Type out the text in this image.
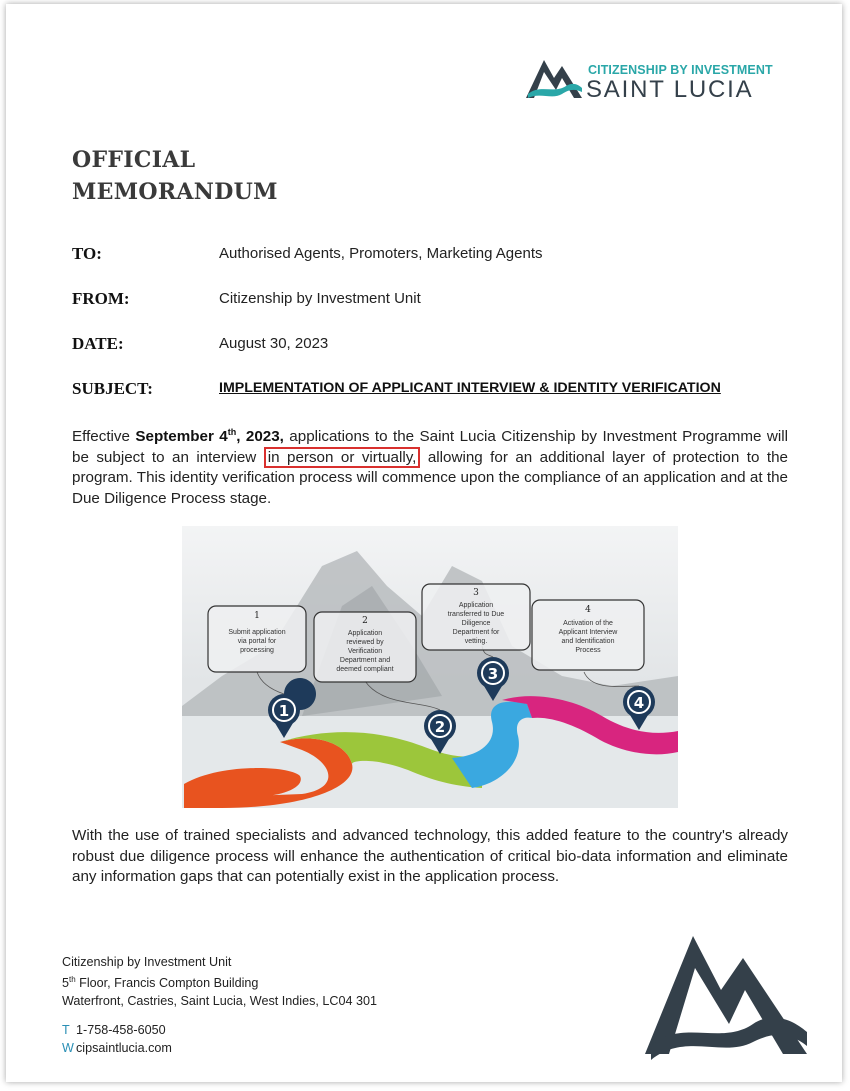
CITIZENSHIP BY INVESTMENT
SAINT LUCIA
OFFICIAL
MEMORANDUM
TO:	Authorised Agents, Promoters, Marketing Agents
FROM:	Citizenship by Investment Unit
DATE:	August 30, 2023
SUBJECT:	IMPLEMENTATION OF APPLICANT INTERVIEW & IDENTITY VERIFICATION
Effective September 4th, 2023, applications to the Saint Lucia Citizenship by Investment Programme will be subject to an interview in person or virtually, allowing for an additional layer of protection to the program. This identity verification process will commence upon the compliance of an application and at the Due Diligence Process stage.
1
2
3
4
1
Submit application
via portal for
processing
2
Application
reviewed by
Verification
Department and
deemed compliant
3
Application
transferred to Due
Diligence
Department for
vetting.
4
Activation of the
Applicant Interview
and Identification
Process
With the use of trained specialists and advanced technology, this added feature to the country's already robust due diligence process will enhance the authentication of critical bio-data information and eliminate any information gaps that can potentially exist in the application process.
Citizenship by Investment Unit
5th Floor, Francis Compton Building
Waterfront, Castries, Saint Lucia, West Indies, LC04 301
T 1-758-458-6050
W cipsaintlucia.com
